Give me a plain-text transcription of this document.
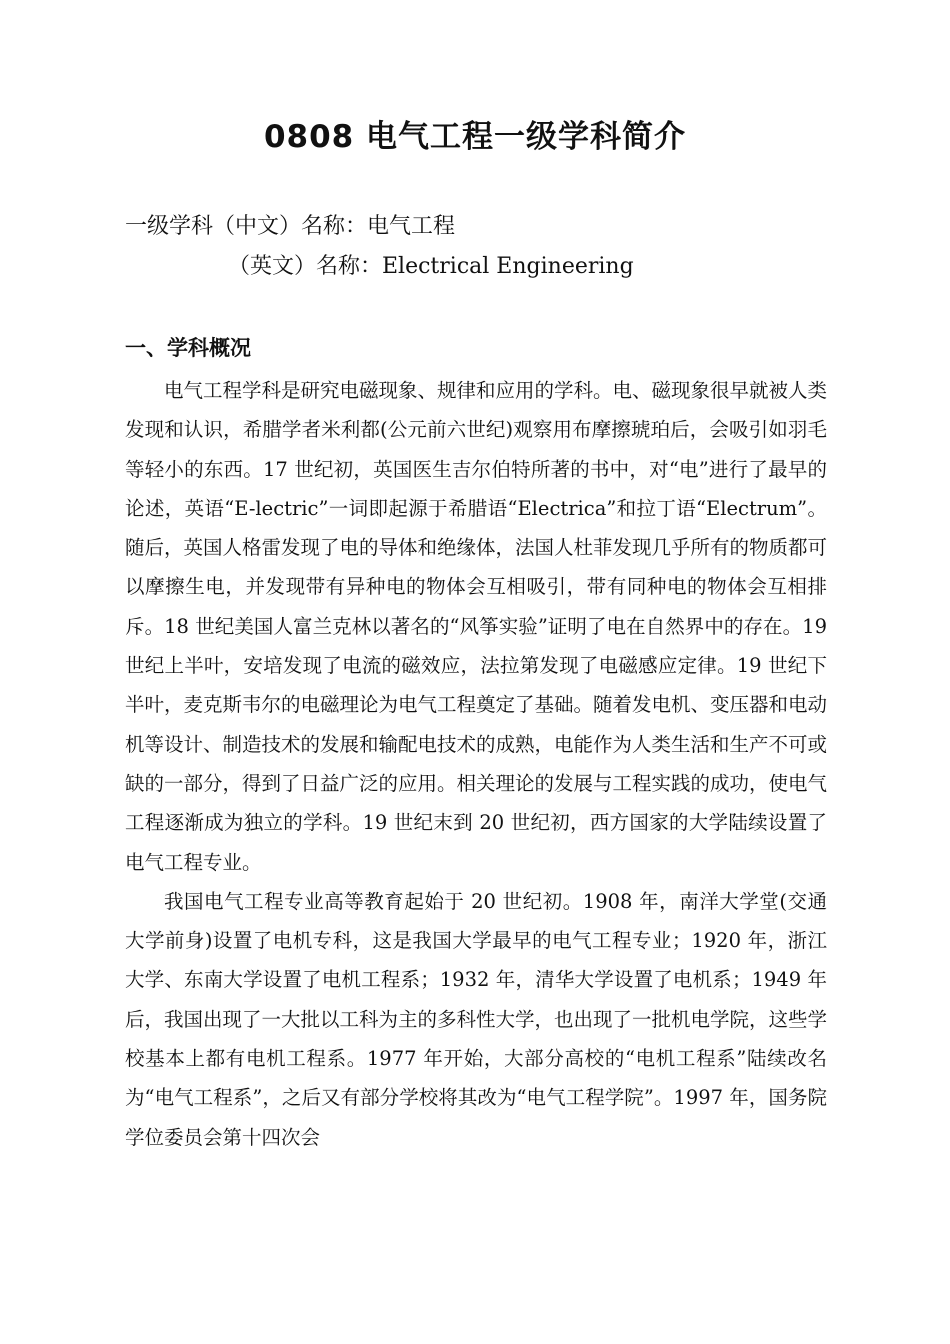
0808 电气工程一级学科简介
一级学科（中文）名称：电气工程
（英文）名称：Electrical Engineering
一、学科概况

电气工程学科是研究电磁现象、规律和应用的学科。电、磁现象很早就被人类发现和认识，希腊学者米利都(公元前六世纪)观察用布摩擦琥珀后，会吸引如羽毛等轻小的东西。17 世纪初，英国医生吉尔伯特所著的书中，对“电”进行了最早的论述，英语“E-lectric”一词即起源于希腊语“Electrica”和拉丁语“Electrum”。随后，英国人格雷发现了电的导体和绝缘体，法国人杜菲发现几乎所有的物质都可以摩擦生电，并发现带有异种电的物体会互相吸引，带有同种电的物体会互相排斥。18 世纪美国人富兰克林以著名的“风筝实验”证明了电在自然界中的存在。19 世纪上半叶，安培发现了电流的磁效应，法拉第发现了电磁感应定律。19 世纪下半叶，麦克斯韦尔的电磁理论为电气工程奠定了基础。随着发电机、变压器和电动机等设计、制造技术的发展和输配电技术的成熟，电能作为人类生活和生产不可或缺的一部分，得到了日益广泛的应用。相关理论的发展与工程实践的成功，使电气工程逐渐成为独立的学科。19 世纪末到 20 世纪初，西方国家的大学陆续设置了电气工程专业。

我国电气工程专业高等教育起始于 20 世纪初。1908 年，南洋大学堂(交通大学前身)设置了电机专科，这是我国大学最早的电气工程专业；1920 年，浙江大学、东南大学设置了电机工程系；1932 年，清华大学设置了电机系；1949 年后，我国出现了一大批以工科为主的多科性大学，也出现了一批机电学院，这些学校基本上都有电机工程系。1977 年开始，大部分高校的“电机工程系”陆续改名为“电气工程系”，之后又有部分学校将其改为“电气工程学院”。1997 年，国务院学位委员会第十四次会
